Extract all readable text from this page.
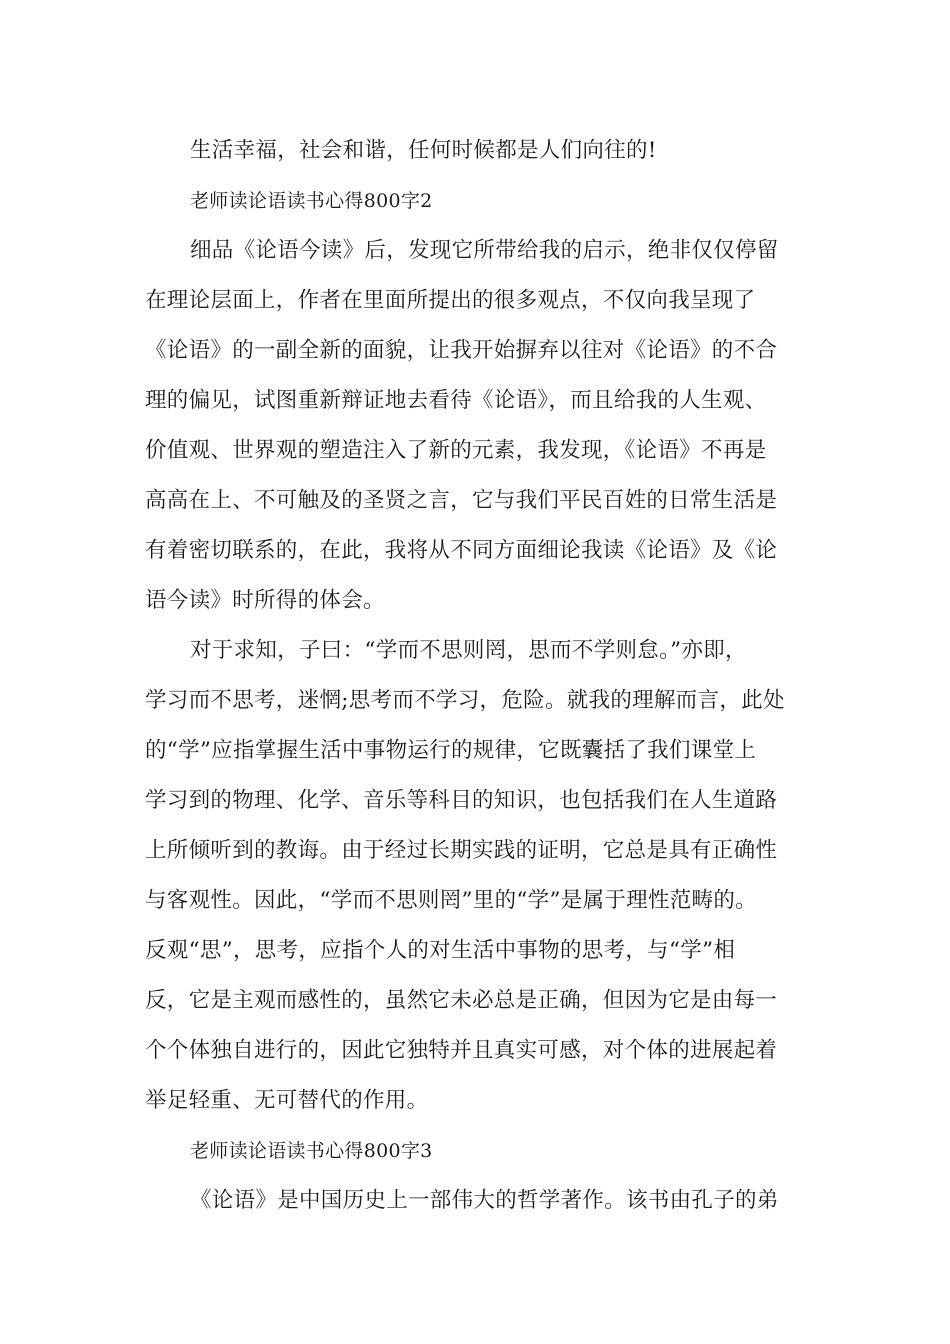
生活幸福，社会和谐，任何时候都是人们向往的!
老师读论语读书心得800字2
细品《论语今读》后，发现它所带给我的启示，绝非仅仅停留
在理论层面上，作者在里面所提出的很多观点，不仅向我呈现了
《论语》的一副全新的面貌，让我开始摒弃以往对《论语》的不合
理的偏见，试图重新辩证地去看待《论语》，而且给我的人生观、
价值观、世界观的塑造注入了新的元素，我发现，《论语》不再是
高高在上、不可触及的圣贤之言，它与我们平民百姓的日常生活是
有着密切联系的，在此，我将从不同方面细论我读《论语》及《论
语今读》时所得的体会。
对于求知，子曰：“学而不思则罔，思而不学则怠。”亦即，
学习而不思考，迷惘;思考而不学习，危险。就我的理解而言，此处
的“学”应指掌握生活中事物运行的规律，它既囊括了我们课堂上
学习到的物理、化学、音乐等科目的知识，也包括我们在人生道路
上所倾听到的教诲。由于经过长期实践的证明，它总是具有正确性
与客观性。因此，“学而不思则罔”里的“学”是属于理性范畴的。
反观“思”，思考，应指个人的对生活中事物的思考，与“学”相
反，它是主观而感性的，虽然它未必总是正确，但因为它是由每一
个个体独自进行的，因此它独特并且真实可感，对个体的进展起着
举足轻重、无可替代的作用。
老师读论语读书心得800字3
《论语》是中国历史上一部伟大的哲学著作。该书由孔子的弟
